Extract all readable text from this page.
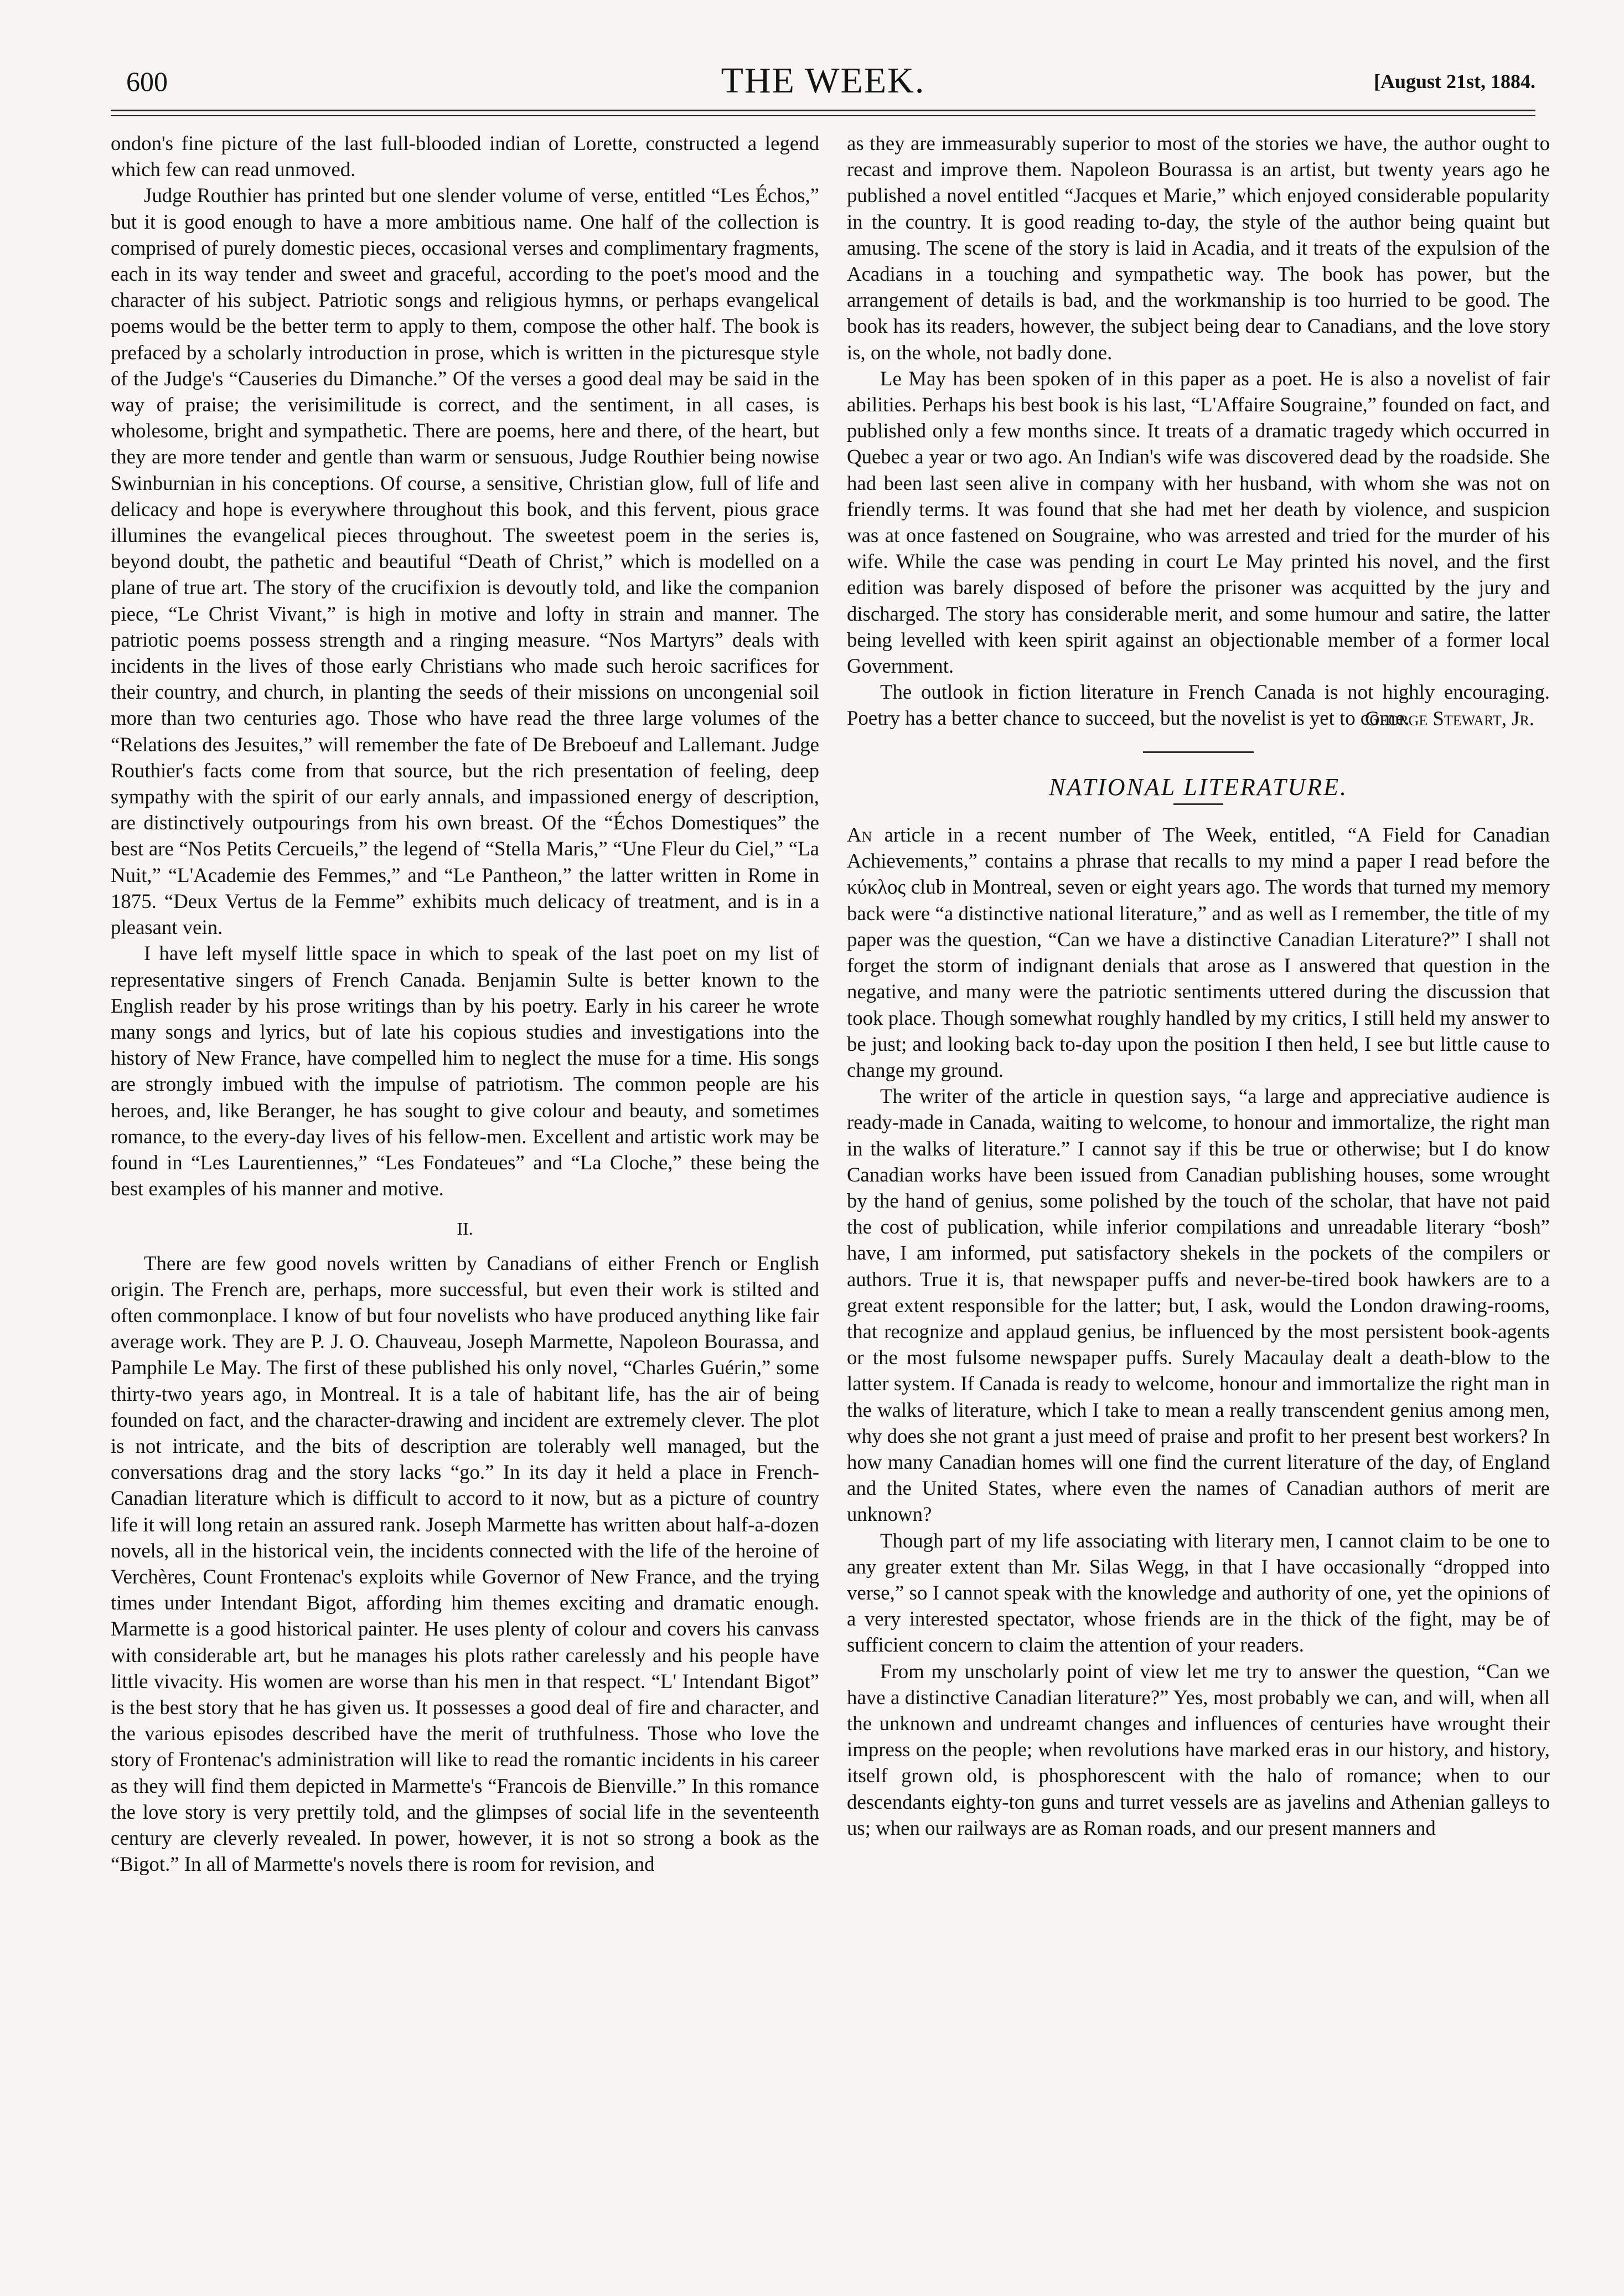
600	THE WEEK.	[August 21st, 1884.

ondon's fine picture of the last full-blooded indian of Lorette, constructed a legend which few can read unmoved.

Judge Routhier has printed but one slender volume of verse, entitled “Les Échos,” but it is good enough to have a more ambitious name. One half of the collection is comprised of purely domestic pieces, occasional verses and complimentary fragments, each in its way tender and sweet and graceful, according to the poet's mood and the character of his subject. Patriotic songs and religious hymns, or perhaps evangelical poems would be the better term to apply to them, compose the other half. The book is prefaced by a scholarly introduction in prose, which is written in the picturesque style of the Judge's “Causeries du Dimanche.” Of the verses a good deal may be said in the way of praise; the verisimilitude is correct, and the sentiment, in all cases, is wholesome, bright and sympathetic. There are poems, here and there, of the heart, but they are more tender and gentle than warm or sensuous, Judge Routhier being nowise Swinburnian in his conceptions. Of course, a sensitive, Christian glow, full of life and delicacy and hope is everywhere throughout this book, and this fervent, pious grace illumines the evangelical pieces throughout. The sweetest poem in the series is, beyond doubt, the pathetic and beautiful “Death of Christ,” which is modelled on a plane of true art. The story of the crucifixion is devoutly told, and like the companion piece, “Le Christ Vivant,” is high in motive and lofty in strain and manner. The patriotic poems possess strength and a ringing measure. “Nos Martyrs” deals with incidents in the lives of those early Christians who made such heroic sacrifices for their country, and church, in planting the seeds of their missions on uncongenial soil more than two centuries ago. Those who have read the three large volumes of the “Relations des Jesuites,” will remember the fate of De Breboeuf and Lallemant. Judge Routhier's facts come from that source, but the rich presentation of feeling, deep sympathy with the spirit of our early annals, and impassioned energy of description, are distinctively outpourings from his own breast. Of the “Échos Domestiques” the best are “Nos Petits Cercueils,” the legend of “Stella Maris,” “Une Fleur du Ciel,” “La Nuit,” “L'Academie des Femmes,” and “Le Pantheon,” the latter written in Rome in 1875. “Deux Vertus de la Femme” exhibits much delicacy of treatment, and is in a pleasant vein.

I have left myself little space in which to speak of the last poet on my list of representative singers of French Canada. Benjamin Sulte is better known to the English reader by his prose writings than by his poetry. Early in his career he wrote many songs and lyrics, but of late his copious studies and investigations into the history of New France, have compelled him to neglect the muse for a time. His songs are strongly imbued with the impulse of patriotism. The common people are his heroes, and, like Beranger, he has sought to give colour and beauty, and sometimes romance, to the every-day lives of his fellow-men. Excellent and artistic work may be found in “Les Laurentiennes,” “Les Fondateues” and “La Cloche,” these being the best examples of his manner and motive.

II.

There are few good novels written by Canadians of either French or English origin. The French are, perhaps, more successful, but even their work is stilted and often commonplace. I know of but four novelists who have produced anything like fair average work. They are P. J. O. Chauveau, Joseph Marmette, Napoleon Bourassa, and Pamphile Le May. The first of these published his only novel, “Charles Guérin,” some thirty-two years ago, in Montreal. It is a tale of habitant life, has the air of being founded on fact, and the character-drawing and incident are extremely clever. The plot is not intricate, and the bits of description are tolerably well managed, but the conversations drag and the story lacks “go.” In its day it held a place in French-Canadian literature which is difficult to accord to it now, but as a picture of country life it will long retain an assured rank. Joseph Marmette has written about half-a-dozen novels, all in the historical vein, the incidents connected with the life of the heroine of Verchères, Count Frontenac's exploits while Governor of New France, and the trying times under Intendant Bigot, affording him themes exciting and dramatic enough. Marmette is a good historical painter. He uses plenty of colour and covers his canvass with considerable art, but he manages his plots rather carelessly and his people have little vivacity. His women are worse than his men in that respect. “L' Intendant Bigot” is the best story that he has given us. It possesses a good deal of fire and character, and the various episodes described have the merit of truthfulness. Those who love the story of Frontenac's administration will like to read the romantic incidents in his career as they will find them depicted in Marmette's “Francois de Bienville.” In this romance the love story is very prettily told, and the glimpses of social life in the seventeenth century are cleverly revealed. In power, however, it is not so strong a book as the “Bigot.” In all of Marmette's novels there is room for revision, and

as they are immeasurably superior to most of the stories we have, the author ought to recast and improve them. Napoleon Bourassa is an artist, but twenty years ago he published a novel entitled “Jacques et Marie,” which enjoyed considerable popularity in the country. It is good reading to-day, the style of the author being quaint but amusing. The scene of the story is laid in Acadia, and it treats of the expulsion of the Acadians in a touching and sympathetic way. The book has power, but the arrangement of details is bad, and the workmanship is too hurried to be good. The book has its readers, however, the subject being dear to Canadians, and the love story is, on the whole, not badly done.

Le May has been spoken of in this paper as a poet. He is also a novelist of fair abilities. Perhaps his best book is his last, “L'Affaire Sougraine,” founded on fact, and published only a few months since. It treats of a dramatic tragedy which occurred in Quebec a year or two ago. An Indian's wife was discovered dead by the roadside. She had been last seen alive in company with her husband, with whom she was not on friendly terms. It was found that she had met her death by violence, and suspicion was at once fastened on Sougraine, who was arrested and tried for the murder of his wife. While the case was pending in court Le May printed his novel, and the first edition was barely disposed of before the prisoner was acquitted by the jury and discharged. The story has considerable merit, and some humour and satire, the latter being levelled with keen spirit against an objectionable member of a former local Government.

The outlook in fiction literature in French Canada is not highly encouraging. Poetry has a better chance to succeed, but the novelist is yet to come.

George Stewart, Jr.
NATIONAL LITERATURE.

An article in a recent number of The Week, entitled, “A Field for Canadian Achievements,” contains a phrase that recalls to my mind a paper I read before the κύκλος club in Montreal, seven or eight years ago. The words that turned my memory back were “a distinctive national literature,” and as well as I remember, the title of my paper was the question, “Can we have a distinctive Canadian Literature?” I shall not forget the storm of indignant denials that arose as I answered that question in the negative, and many were the patriotic sentiments uttered during the discussion that took place. Though somewhat roughly handled by my critics, I still held my answer to be just; and looking back to-day upon the position I then held, I see but little cause to change my ground.

The writer of the article in question says, “a large and appreciative audience is ready-made in Canada, waiting to welcome, to honour and immortalize, the right man in the walks of literature.” I cannot say if this be true or otherwise; but I do know Canadian works have been issued from Canadian publishing houses, some wrought by the hand of genius, some polished by the touch of the scholar, that have not paid the cost of publication, while inferior compilations and unreadable literary “bosh” have, I am informed, put satisfactory shekels in the pockets of the compilers or authors. True it is, that newspaper puffs and never-be-tired book hawkers are to a great extent responsible for the latter; but, I ask, would the London drawing-rooms, that recognize and applaud genius, be influenced by the most persistent book-agents or the most fulsome newspaper puffs. Surely Macaulay dealt a death-blow to the latter system. If Canada is ready to welcome, honour and immortalize the right man in the walks of literature, which I take to mean a really transcendent genius among men, why does she not grant a just meed of praise and profit to her present best workers? In how many Canadian homes will one find the current literature of the day, of England and the United States, where even the names of Canadian authors of merit are unknown?

Though part of my life associating with literary men, I cannot claim to be one to any greater extent than Mr. Silas Wegg, in that I have occasionally “dropped into verse,” so I cannot speak with the knowledge and authority of one, yet the opinions of a very interested spectator, whose friends are in the thick of the fight, may be of sufficient concern to claim the attention of your readers.

From my unscholarly point of view let me try to answer the question, “Can we have a distinctive Canadian literature?” Yes, most probably we can, and will, when all the unknown and undreamt changes and influences of centuries have wrought their impress on the people; when revolutions have marked eras in our history, and history, itself grown old, is phosphorescent with the halo of romance; when to our descendants eighty-ton guns and turret vessels are as javelins and Athenian galleys to us; when our railways are as Roman roads, and our present manners and
